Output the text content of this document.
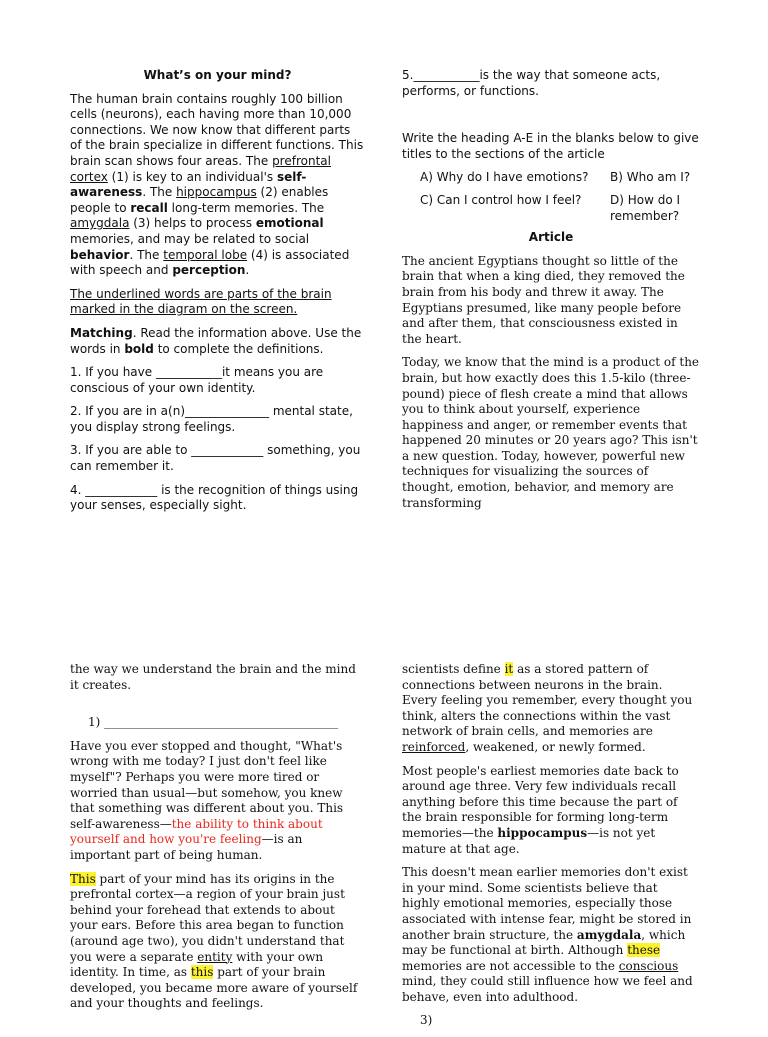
What’s on your mind?

The human brain contains roughly 100 billion cells (neurons), each having more than 10,000 connections. We now know that different parts of the brain specialize in different functions. This brain scan shows four areas. The prefrontal cortex (1) is key to an individual's self-awareness. The hippocampus (2) enables people to recall long-term memories. The amygdala (3) helps to process emotional memories, and may be related to social behavior. The temporal lobe (4) is associated with speech and perception.

The underlined words are parts of the brain marked in the diagram on the screen.

Matching. Read the information above. Use the words in bold to complete the definitions.

1. If you have ___________it means you are conscious of your own identity.

2. If you are in a(n)______________ mental state, you display strong feelings.

3. If you are able to ____________ something, you can remember it.

4. ____________ is the recognition of things using your senses, especially sight.

5.___________is the way that someone acts, performs, or functions.

Write the heading A-E in the blanks below to give titles to the sections of the article

A) Why do I have emotions?	B) Who am I?
C) Can I control how I feel?	D) How do I remember?

Article

The ancient Egyptians thought so little of the brain that when a king died, they removed the brain from his body and threw it away. The Egyptians presumed, like many people before and after them, that consciousness existed in the heart.

Today, we know that the mind is a product of the brain, but how exactly does this 1.5-kilo (three-pound) piece of flesh create a mind that allows you to think about yourself, experience happiness and anger, or remember events that happened 20 minutes or 20 years ago? This isn't a new question. Today, however, powerful new techniques for visualizing the sources of thought, emotion, behavior, and memory are transforming

the way we understand the brain and the mind it creates.

1) _______________________________________

Have you ever stopped and thought, "What's wrong with me today? I just don't feel like myself"? Perhaps you were more tired or worried than usual—but somehow, you knew that something was different about you. This self-awareness—the ability to think about yourself and how you're feeling—is an important part of being human.

This part of your mind has its origins in the prefrontal cortex—a region of your brain just behind your forehead that extends to about your ears. Before this area began to function (around age two), you didn't understand that you were a separate entity with your own identity. In time, as this part of your brain developed, you became more aware of yourself and your thoughts and feelings.

scientists define it as a stored pattern of connections between neurons in the brain. Every feeling you remember, every thought you think, alters the connections within the vast network of brain cells, and memories are reinforced, weakened, or newly formed.

Most people's earliest memories date back to around age three. Very few individuals recall anything before this time because the part of the brain responsible for forming long-term memories—the hippocampus—is not yet mature at that age.

This doesn't mean earlier memories don't exist in your mind. Some scientists believe that highly emotional memories, especially those associated with intense fear, might be stored in another brain structure, the amygdala, which may be functional at birth. Although these memories are not accessible to the conscious mind, they could still influence how we feel and behave, even into adulthood.

3)
